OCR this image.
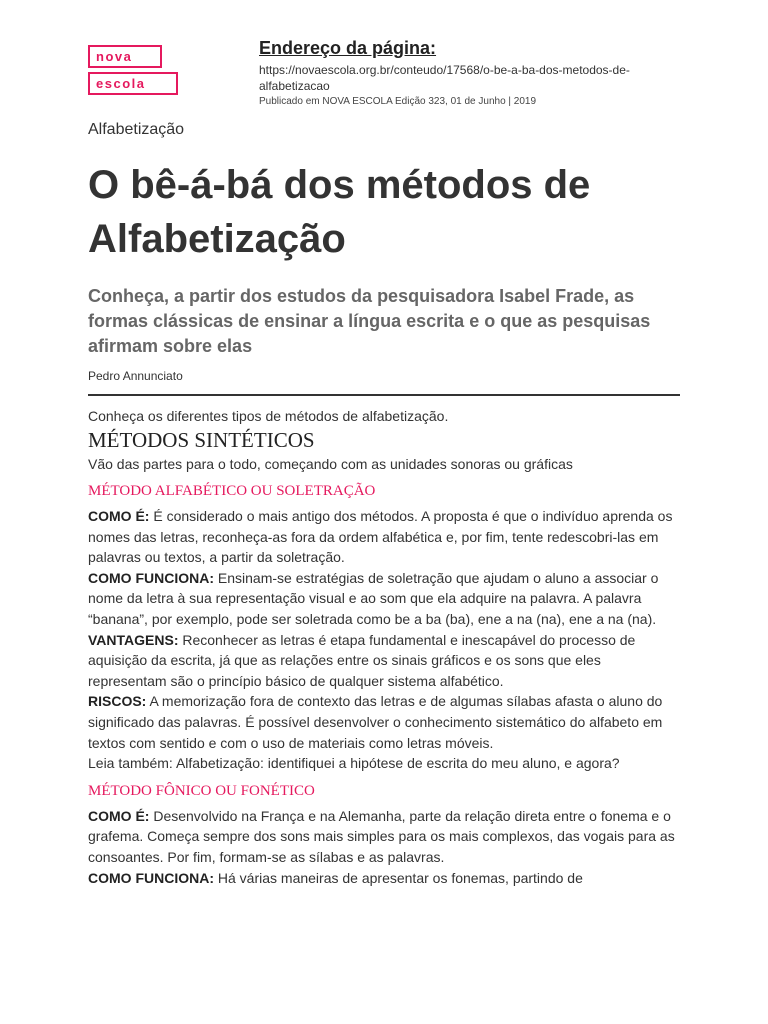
nova
escola
Endereço da página:
https://novaescola.org.br/conteudo/17568/o-be-a-ba-dos-metodos-de-alfabetizacao
Publicado em NOVA ESCOLA Edição 323, 01 de Junho | 2019
Alfabetização
O bê-á-bá dos métodos de Alfabetização

Conheça, a partir dos estudos da pesquisadora Isabel Frade, as formas clássicas de ensinar a língua escrita e o que as pesquisas afirmam sobre elas

Pedro Annunciato

Conheça os diferentes tipos de métodos de alfabetização.

MÉTODOS SINTÉTICOS

Vão das partes para o todo, começando com as unidades sonoras ou gráficas

MÉTODO ALFABÉTICO OU SOLETRAÇÃO

COMO É: É considerado o mais antigo dos métodos. A proposta é que o indivíduo aprenda os nomes das letras, reconheça-as fora da ordem alfabética e, por fim, tente redescobri-las em palavras ou textos, a partir da soletração.

COMO FUNCIONA: Ensinam-se estratégias de soletração que ajudam o aluno a associar o nome da letra à sua representação visual e ao som que ela adquire na palavra. A palavra “banana”, por exemplo, pode ser soletrada como be a ba (ba), ene a na (na), ene a na (na).

VANTAGENS: Reconhecer as letras é etapa fundamental e inescapável do processo de aquisição da escrita, já que as relações entre os sinais gráficos e os sons que eles representam são o princípio básico de qualquer sistema alfabético.

RISCOS: A memorização fora de contexto das letras e de algumas sílabas afasta o aluno do significado das palavras. É possível desenvolver o conhecimento sistemático do alfabeto em textos com sentido e com o uso de materiais como letras móveis.

Leia também: Alfabetização: identifiquei a hipótese de escrita do meu aluno, e agora?

MÉTODO FÔNICO OU FONÉTICO

COMO É: Desenvolvido na França e na Alemanha, parte da relação direta entre o fonema e o grafema. Começa sempre dos sons mais simples para os mais complexos, das vogais para as consoantes. Por fim, formam-se as sílabas e as palavras.

COMO FUNCIONA: Há várias maneiras de apresentar os fonemas, partindo de
